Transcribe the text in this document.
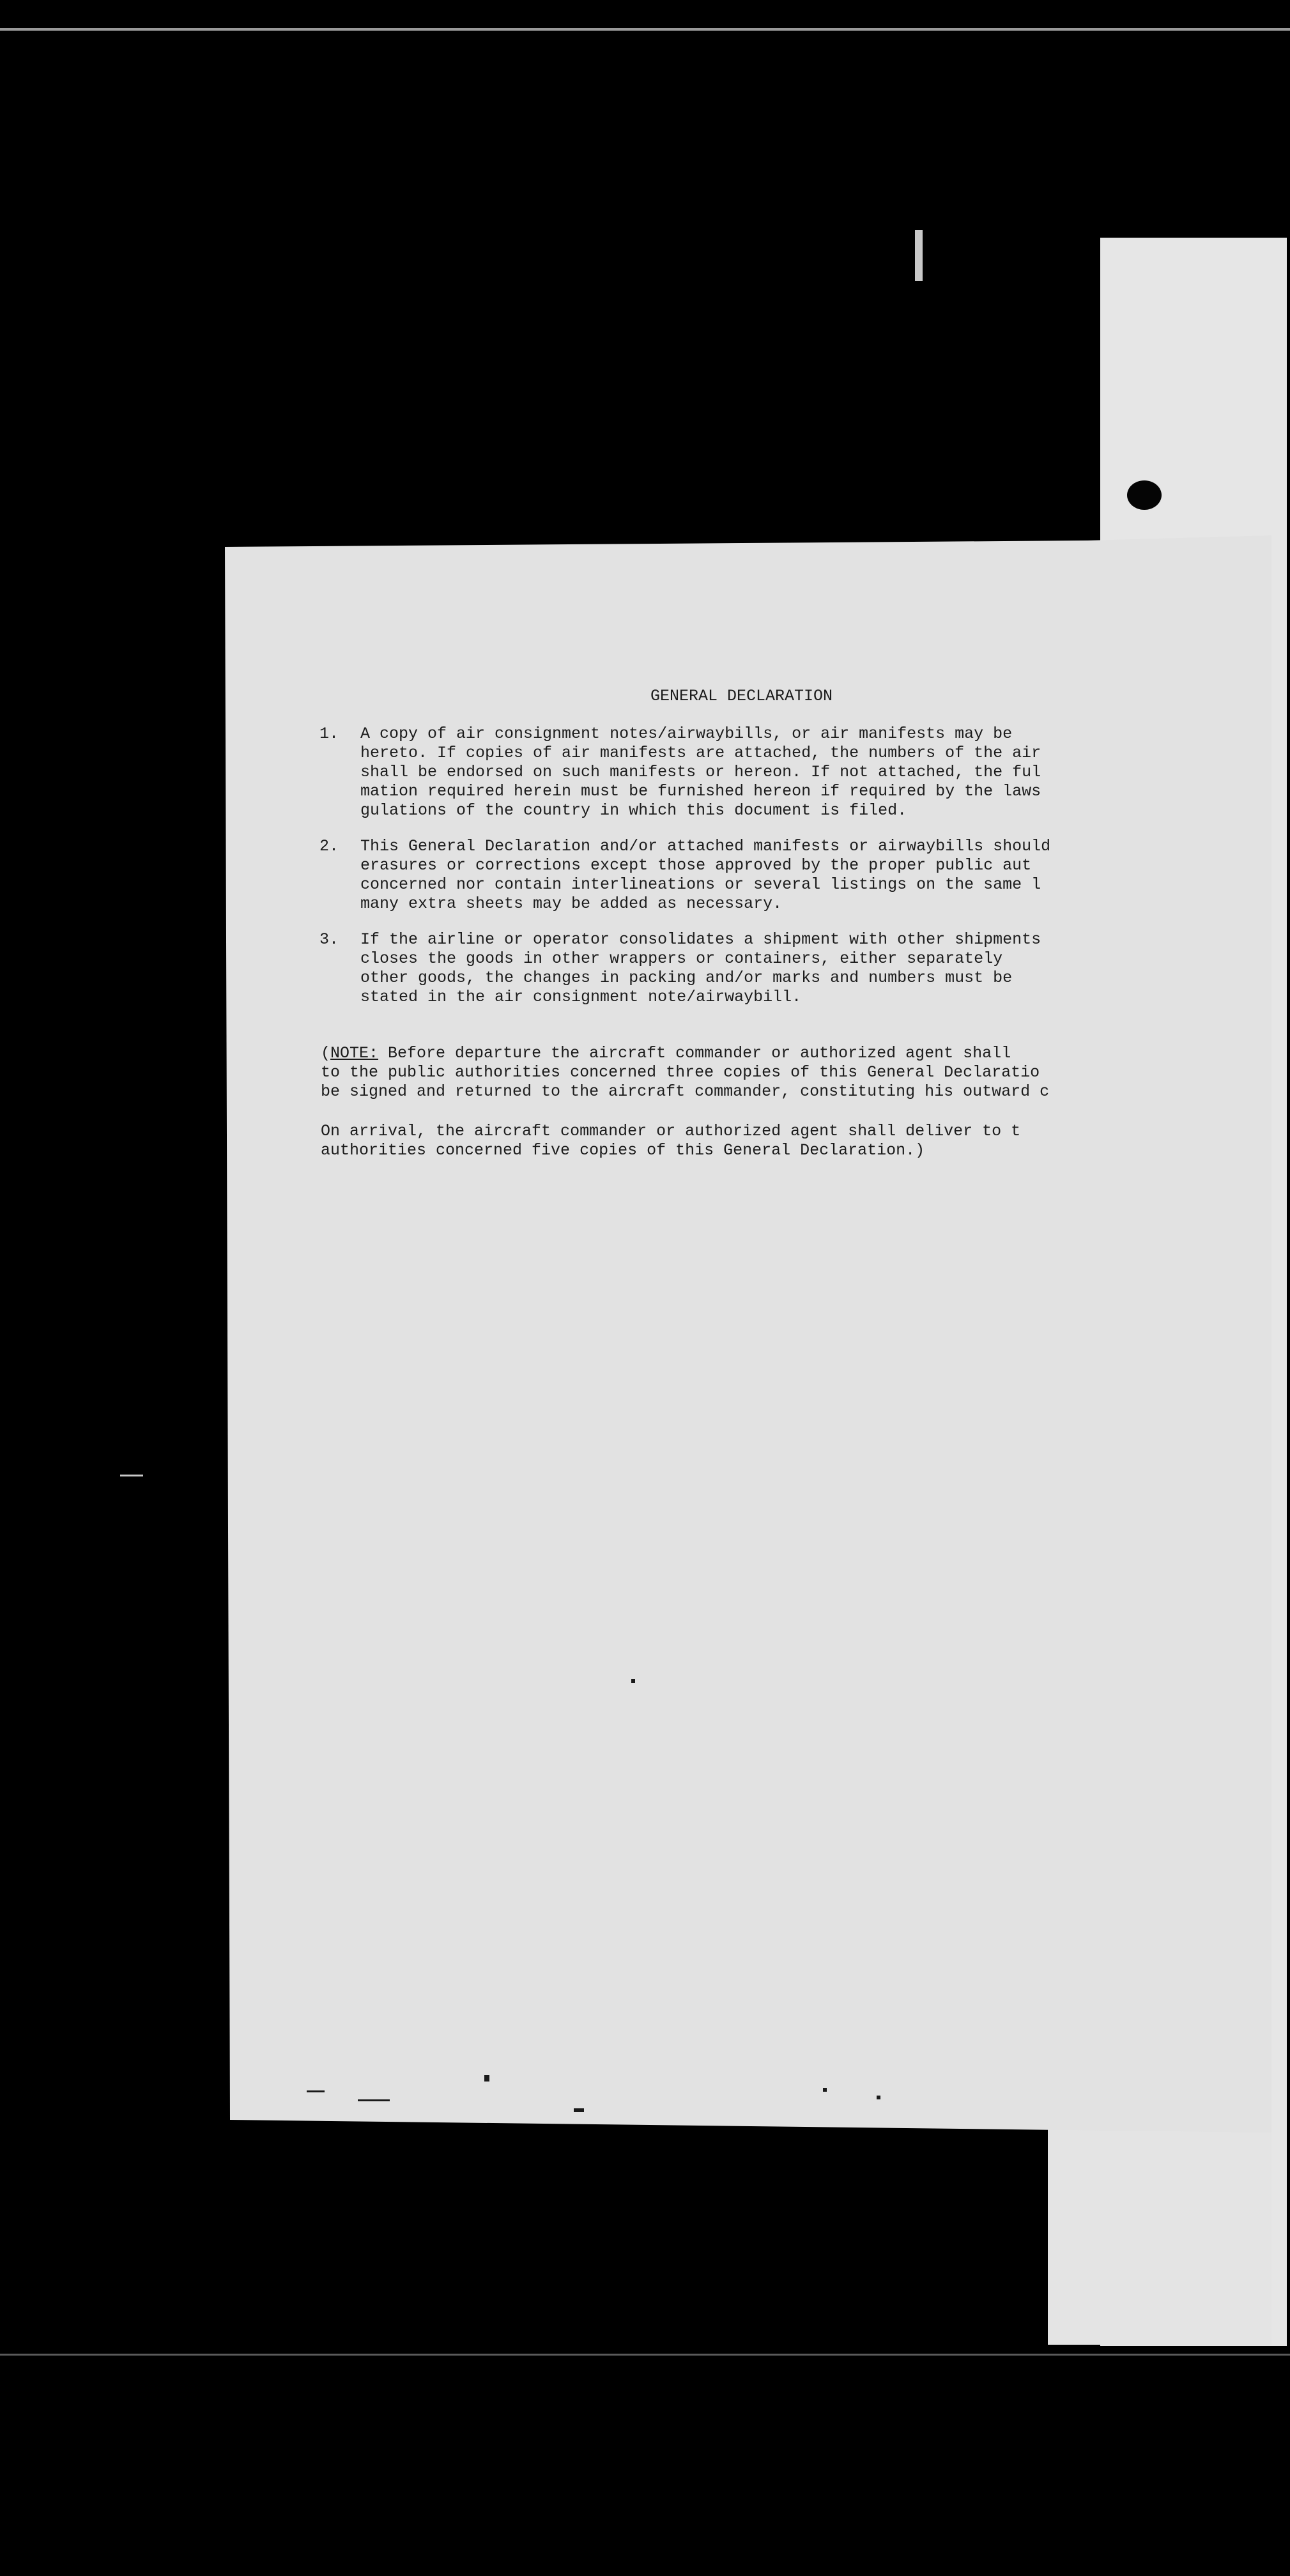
GENERAL DECLARATION
1. A copy of air consignment notes/airwaybills, or air manifests may be
hereto. If copies of air manifests are attached, the numbers of the air
shall be endorsed on such manifests or hereon. If not attached, the ful
mation required herein must be furnished hereon if required by the laws
gulations of the country in which this document is filed.
2. This General Declaration and/or attached manifests or airwaybills should
erasures or corrections except those approved by the proper public aut
concerned nor contain interlineations or several listings on the same l
many extra sheets may be added as necessary.
3. If the airline or operator consolidates a shipment with other shipments
closes the goods in other wrappers or containers, either separately
other goods, the changes in packing and/or marks and numbers must be
stated in the air consignment note/airwaybill.
(NOTE: Before departure the aircraft commander or authorized agent shall
to the public authorities concerned three copies of this General Declaratio
be signed and returned to the aircraft commander, constituting his outward c
On arrival, the aircraft commander or authorized agent shall deliver to t
authorities concerned five copies of this General Declaration.)
